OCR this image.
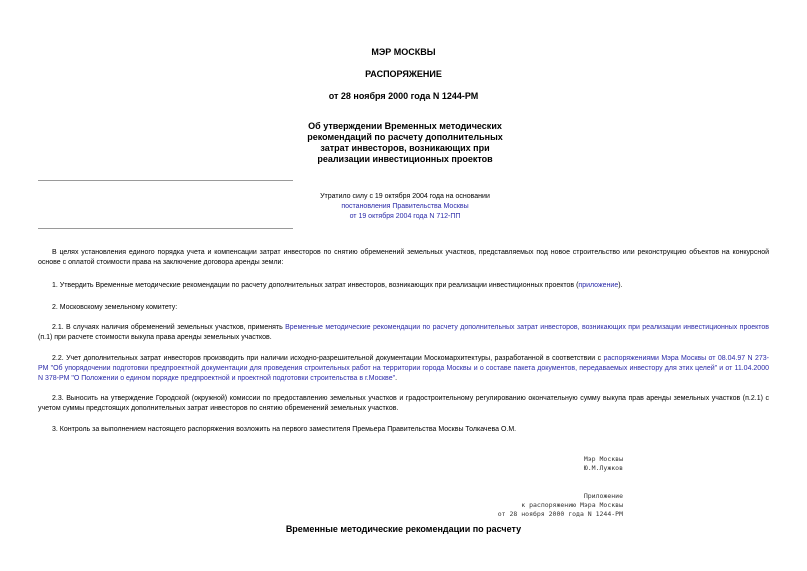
МЭР МОСКВЫ
РАСПОРЯЖЕНИЕ
от 28 ноября 2000 года N 1244-РМ
Об утверждении Временных методических
рекомендаций по расчету дополнительных
затрат инвесторов, возникающих при
реализации инвестиционных проектов
Утратило силу с 19 октября 2004 года на основании
постановления Правительства Москвы
от 19 октября 2004 года N 712-ПП
В целях установления единого порядка учета и компенсации затрат инвесторов по снятию обременений земельных участков, представляемых под новое строительство или реконструкцию объектов на конкурсной основе с оплатой стоимости права на заключение договора аренды земли:
1. Утвердить Временные методические рекомендации по расчету дополнительных затрат инвесторов, возникающих при реализации инвестиционных проектов (приложение).
2. Московскому земельному комитету:
2.1. В случаях наличия обременений земельных участков, применять Временные методические рекомендации по расчету дополнительных затрат инвесторов, возникающих при реализации инвестиционных проектов (п.1) при расчете стоимости выкупа права аренды земельных участков.
2.2. Учет дополнительных затрат инвесторов производить при наличии исходно-разрешительной документации Москомархитектуры, разработанной в соответствии с распоряжениями Мэра Москвы от 08.04.97 N 273-РМ "Об упорядочении подготовки предпроектной документации для проведения строительных работ на территории города Москвы и о составе пакета документов, передаваемых инвестору для этих целей" и от 11.04.2000 N 378-РМ "О Положении о едином порядке предпроектной и проектной подготовки строительства в г.Москве".
2.3. Выносить на утверждение Городской (окружной) комиссии по предоставлению земельных участков и градостроительному регулированию окончательную сумму выкупа прав аренды земельных участков (п.2.1) с учетом суммы предстоящих дополнительных затрат инвесторов по снятию обременений земельных участков.
3. Контроль за выполнением настоящего распоряжения возложить на первого заместителя Премьера Правительства Москвы Толкачева О.М.
Мэр Москвы
Ю.М.Лужков
Приложение
к распоряжению Мэра Москвы
от 28 ноября 2000 года N 1244-РМ
Временные методические рекомендации по расчету
